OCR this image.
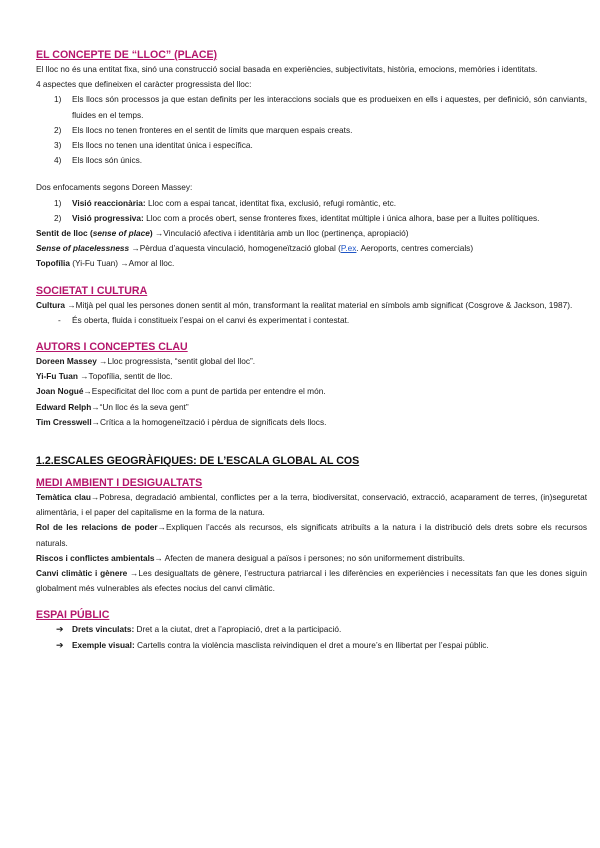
EL CONCEPTE DE “LLOC” (PLACE)

El lloc no és una entitat fixa, sinó una construcció social basada en experiències, subjectivitats, història, emocions, memòries i identitats.

4 aspectes que defineixen el caràcter progressista del lloc:

1) Els llocs són processos ja que estan definits per les interaccions socials que es produeixen en ells i aquestes, per definició, són canviants, fluides en el temps.
2) Els llocs no tenen fronteres en el sentit de límits que marquen espais creats.
3) Els llocs no tenen una identitat única i específica.
4) Els llocs són únics.

Dos enfocaments segons Doreen Massey:

1) Visió reaccionària: Lloc com a espai tancat, identitat fixa, exclusió, refugi romàntic, etc.
2) Visió progressiva: Lloc com a procés obert, sense fronteres fixes, identitat múltiple i única alhora, base per a lluites polítiques.

Sentit de lloc (sense of place) →Vinculació afectiva i identitària amb un lloc (pertinença, apropiació)

Sense of placelessness →Pèrdua d’aquesta vinculació, homogeneïtzació global (P.ex. Aeroports, centres comercials)

Topofília (Yi-Fu Tuan) →Amor al lloc.

SOCIETAT I CULTURA

Cultura →Mitjà pel qual les persones donen sentit al món, transformant la realitat material en símbols amb significat (Cosgrove & Jackson, 1987).

- És oberta, fluida i constitueix l’espai on el canvi és experimentat i contestat.
AUTORS I CONCEPTES CLAU

Doreen Massey →Lloc progressista, “sentit global del lloc”.

Yi-Fu Tuan →Topofília, sentit de lloc.

Joan Nogué→Especificitat del lloc com a punt de partida per entendre el món.

Edward Relph→“Un lloc és la seva gent”

Tim Cresswell→Crítica a la homogeneïtzació i pèrdua de significats dels llocs.

1.2.ESCALES GEOGRÀFIQUES: DE L’ESCALA GLOBAL AL COS
MEDI AMBIENT I DESIGUALTATS

Temàtica clau→Pobresa, degradació ambiental, conflictes per a la terra, biodiversitat, conservació, extracció, acaparament de terres, (in)seguretat alimentària, i el paper del capitalisme en la forma de la natura.

Rol de les relacions de poder→Expliquen l’accés als recursos, els significats atribuïts a la natura i la distribució dels drets sobre els recursos naturals.

Riscos i conflictes ambientals→ Afecten de manera desigual a països i persones; no són uniformement distribuïts.

Canvi climàtic i gènere →Les desigualtats de gènere, l’estructura patriarcal i les diferències en experiències i necessitats fan que les dones siguin globalment més vulnerables als efectes nocius del canvi climàtic.

ESPAI PÚBLIC
➔ Drets vinculats: Dret a la ciutat, dret a l’apropiació, dret a la participació.
➔ Exemple visual: Cartells contra la violència masclista reivindiquen el dret a moure’s en llibertat per l’espai públic.
